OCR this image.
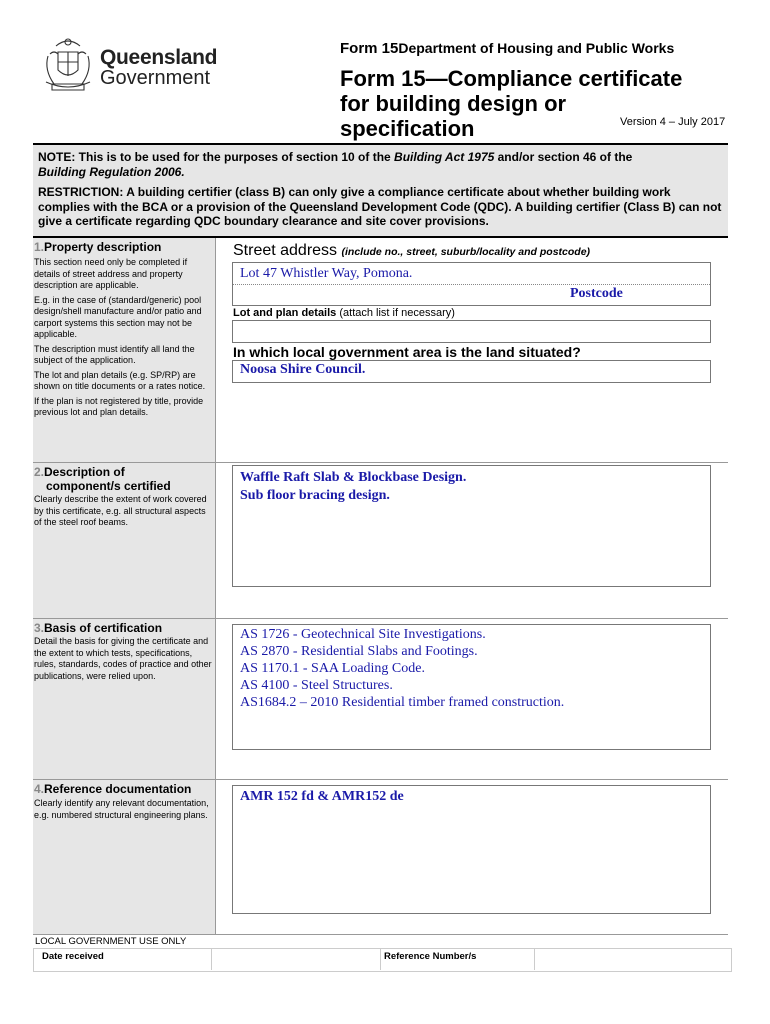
Queensland
Government
Form 15Department of Housing and Public Works
Form 15—Compliance certificate
for building design or
specification	Version 4 – July 2017

NOTE: This is to be used for the purposes of section 10 of the Building Act 1975 and/or section 46 of the
Building Regulation 2006.

RESTRICTION: A building certifier (class B) can only give a compliance certificate about whether building work complies with the BCA or a provision of the Queensland Development Code (QDC). A building certifier (Class B) can not give a certificate regarding QDC boundary clearance and site cover provisions.

1.Property description

This section need only be completed if details of street address and property description are applicable.

E.g. in the case of (standard/generic) pool design/shell manufacture and/or patio and carport systems this section may not be applicable.

The description must identify all land the subject of the application.

The lot and plan details (e.g. SP/RP) are shown on title documents or a rates notice.

If the plan is not registered by title, provide previous lot and plan details.

Street address (include no., street, suburb/locality and postcode)
Lot 47 Whistler Way, Pomona.
Postcode
Lot and plan details (attach list if necessary)
In which local government area is the land situated?
Noosa Shire Council.
2.Description of
component/s certified
Clearly describe the extent of work covered by this certificate, e.g. all structural aspects of the steel roof beams.
Waffle Raft Slab & Blockbase Design.
Sub floor bracing design.
3.Basis of certification
Detail the basis for giving the certificate and the extent to which tests, specifications, rules, standards, codes of practice and other publications, were relied upon.
AS 1726 - Geotechnical Site Investigations.
AS 2870 - Residential Slabs and Footings.
AS 1170.1 - SAA Loading Code.
AS 4100 - Steel Structures.
AS1684.2 – 2010 Residential timber framed construction.
4.Reference documentation
Clearly identify any relevant documentation, e.g. numbered structural engineering plans.
AMR 152 fd & AMR152 de
LOCAL GOVERNMENT USE ONLY
Date received	Reference Number/s
